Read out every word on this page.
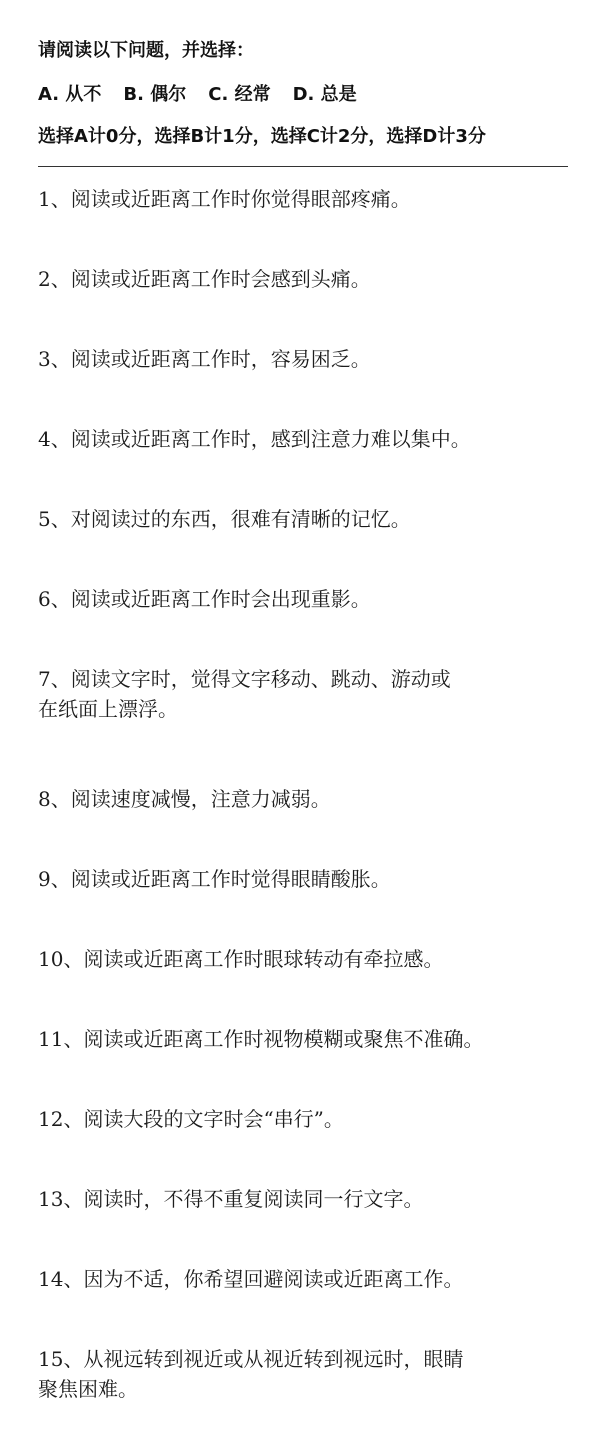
请阅读以下问题，并选择：
A. 从不 B. 偶尔 C. 经常 D. 总是
选择A计0分，选择B计1分，选择C计2分，选择D计3分
1、阅读或近距离工作时你觉得眼部疼痛。
2、阅读或近距离工作时会感到头痛。
3、阅读或近距离工作时，容易困乏。
4、阅读或近距离工作时，感到注意力难以集中。
5、对阅读过的东西，很难有清晰的记忆。
6、阅读或近距离工作时会出现重影。
7、阅读文字时，觉得文字移动、跳动、游动或
在纸面上漂浮。
8、阅读速度减慢，注意力减弱。
9、阅读或近距离工作时觉得眼睛酸胀。
10、阅读或近距离工作时眼球转动有牵拉感。
11、阅读或近距离工作时视物模糊或聚焦不准确。
12、阅读大段的文字时会“串行”。
13、阅读时，不得不重复阅读同一行文字。
14、因为不适，你希望回避阅读或近距离工作。
15、从视远转到视近或从视近转到视远时，眼睛
聚焦困难。
